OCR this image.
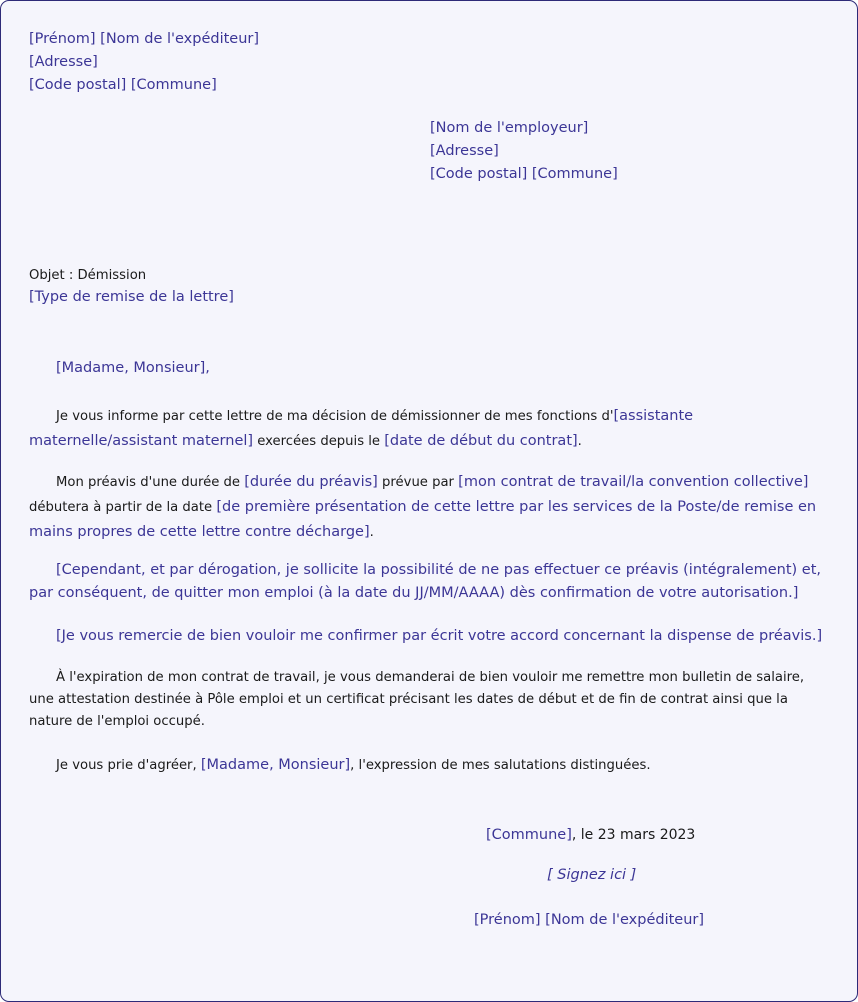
[Prénom] [Nom de l'expéditeur]
[Adresse]
[Code postal] [Commune]
[Nom de l'employeur]
[Adresse]
[Code postal] [Commune]
Objet : Démission
[Type de remise de la lettre]
[Madame, Monsieur],
Je vous informe par cette lettre de ma décision de démissionner de mes fonctions d'[assistante
maternelle/assistant maternel] exercées depuis le [date de début du contrat].
Mon préavis d'une durée de [durée du préavis] prévue par [mon contrat de travail/la convention collective]
débutera à partir de la date [de première présentation de cette lettre par les services de la Poste/de remise en
mains propres de cette lettre contre décharge].
[Cependant, et par dérogation, je sollicite la possibilité de ne pas effectuer ce préavis (intégralement) et,
par conséquent, de quitter mon emploi (à la date du JJ/MM/AAAA) dès confirmation de votre autorisation.]
[Je vous remercie de bien vouloir me confirmer par écrit votre accord concernant la dispense de préavis.]
À l'expiration de mon contrat de travail, je vous demanderai de bien vouloir me remettre mon bulletin de salaire,
une attestation destinée à Pôle emploi et un certificat précisant les dates de début et de fin de contrat ainsi que la
nature de l'emploi occupé.
Je vous prie d'agréer, [Madame, Monsieur], l'expression de mes salutations distinguées.
[Commune], le 23 mars 2023
[ Signez ici ]
[Prénom] [Nom de l'expéditeur]
